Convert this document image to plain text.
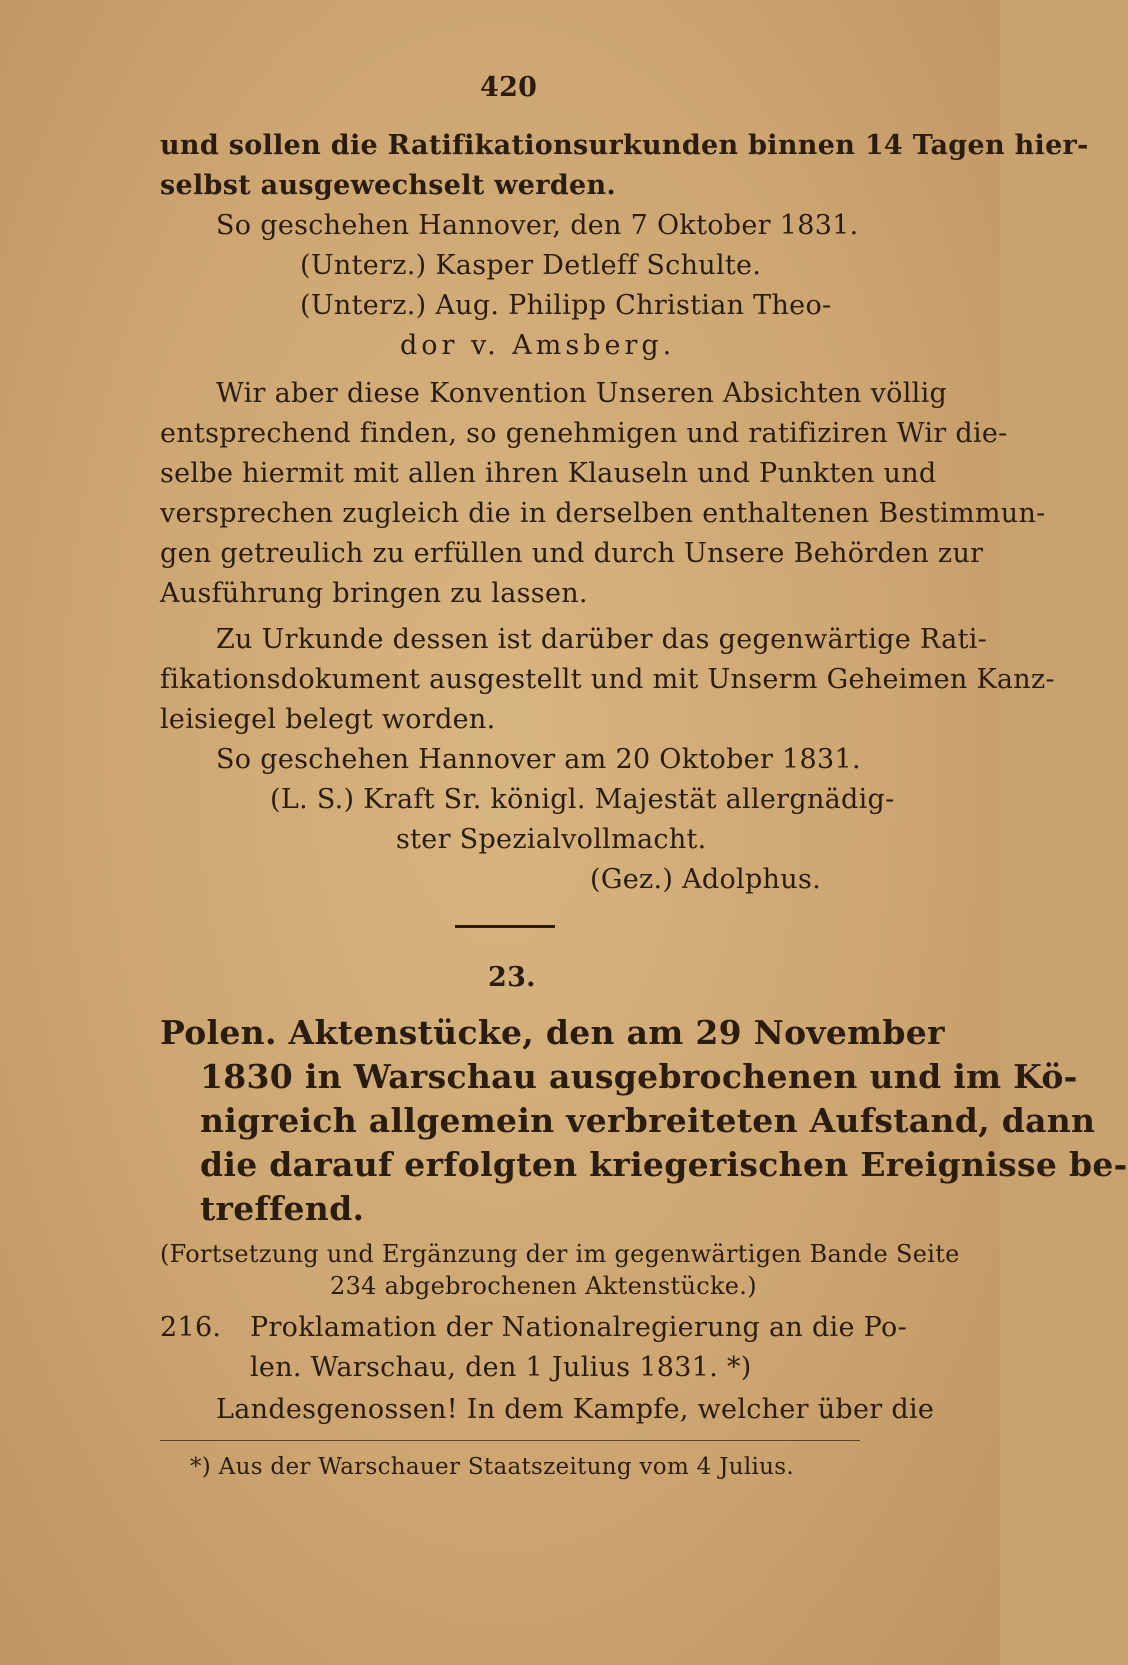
420
und sollen die Ratifikationsurkunden binnen 14 Tagen hier-
selbst ausgewechselt werden.
So geschehen Hannover, den 7 Oktober 1831.
(Unterz.) Kasper Detleff Schulte.
(Unterz.) Aug. Philipp Christian Theo-
dor v. Amsberg.
Wir aber diese Konvention Unseren Absichten völlig
entsprechend finden, so genehmigen und ratifiziren Wir die-
selbe hiermit mit allen ihren Klauseln und Punkten und
versprechen zugleich die in derselben enthaltenen Bestimmun-
gen getreulich zu erfüllen und durch Unsere Behörden zur
Ausführung bringen zu lassen.
Zu Urkunde dessen ist darüber das gegenwärtige Rati-
fikationsdokument ausgestellt und mit Unserm Geheimen Kanz-
leisiegel belegt worden.
So geschehen Hannover am 20 Oktober 1831.
(L. S.) Kraft Sr. königl. Majestät allergnädig-
ster Spezialvollmacht.
(Gez.) Adolphus.
23.
Polen. Aktenstücke, den am 29 November
1830 in Warschau ausgebrochenen und im Kö-
nigreich allgemein verbreiteten Aufstand, dann
die darauf erfolgten kriegerischen Ereignisse be-
treffend.
(Fortsetzung und Ergänzung der im gegenwärtigen Bande Seite
234 abgebrochenen Aktenstücke.)
216. Proklamation der Nationalregierung an die Po-
len. Warschau, den 1 Julius 1831. *)
Landesgenossen! In dem Kampfe, welcher über die
*) Aus der Warschauer Staatszeitung vom 4 Julius.
